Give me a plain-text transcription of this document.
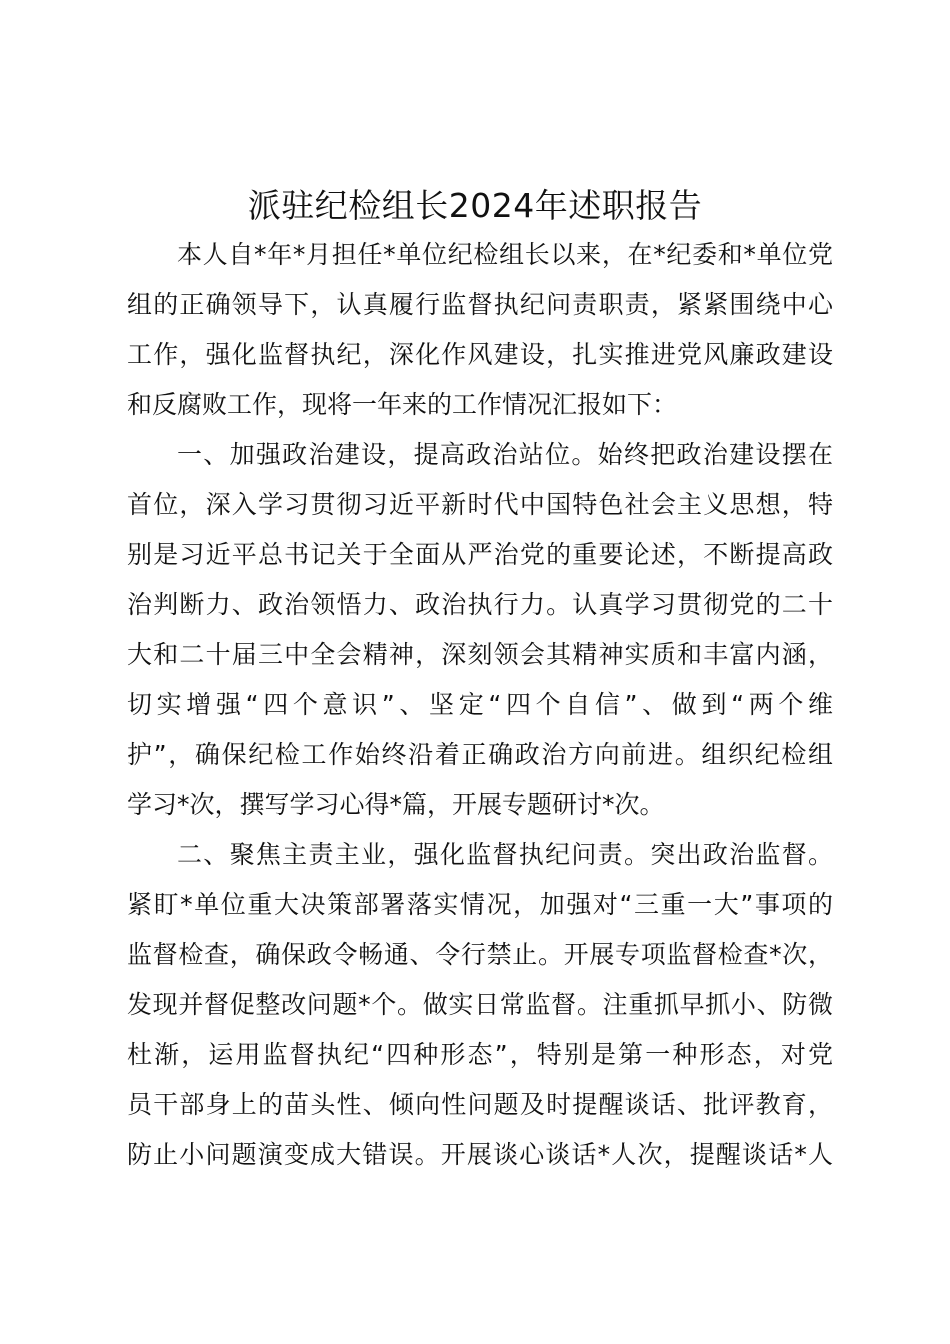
派驻纪检组长2024年述职报告
本人自*年*月担任*单位纪检组长以来，在*纪委和*单位党
组的正确领导下，认真履行监督执纪问责职责，紧紧围绕中心
工作，强化监督执纪，深化作风建设，扎实推进党风廉政建设
和反腐败工作，现将一年来的工作情况汇报如下：
一、加强政治建设，提高政治站位。始终把政治建设摆在
首位，深入学习贯彻习近平新时代中国特色社会主义思想，特
别是习近平总书记关于全面从严治党的重要论述，不断提高政
治判断力、政治领悟力、政治执行力。认真学习贯彻党的二十
大和二十届三中全会精神，深刻领会其精神实质和丰富内涵，
切实增强“四个意识”、坚定“四个自信”、做到“两个维
护”，确保纪检工作始终沿着正确政治方向前进。组织纪检组
学习*次，撰写学习心得*篇，开展专题研讨*次。
二、聚焦主责主业，强化监督执纪问责。突出政治监督。
紧盯*单位重大决策部署落实情况，加强对“三重一大”事项的
监督检查，确保政令畅通、令行禁止。开展专项监督检查*次，
发现并督促整改问题*个。做实日常监督。注重抓早抓小、防微
杜渐，运用监督执纪“四种形态”，特别是第一种形态，对党
员干部身上的苗头性、倾向性问题及时提醒谈话、批评教育，
防止小问题演变成大错误。开展谈心谈话*人次，提醒谈话*人
